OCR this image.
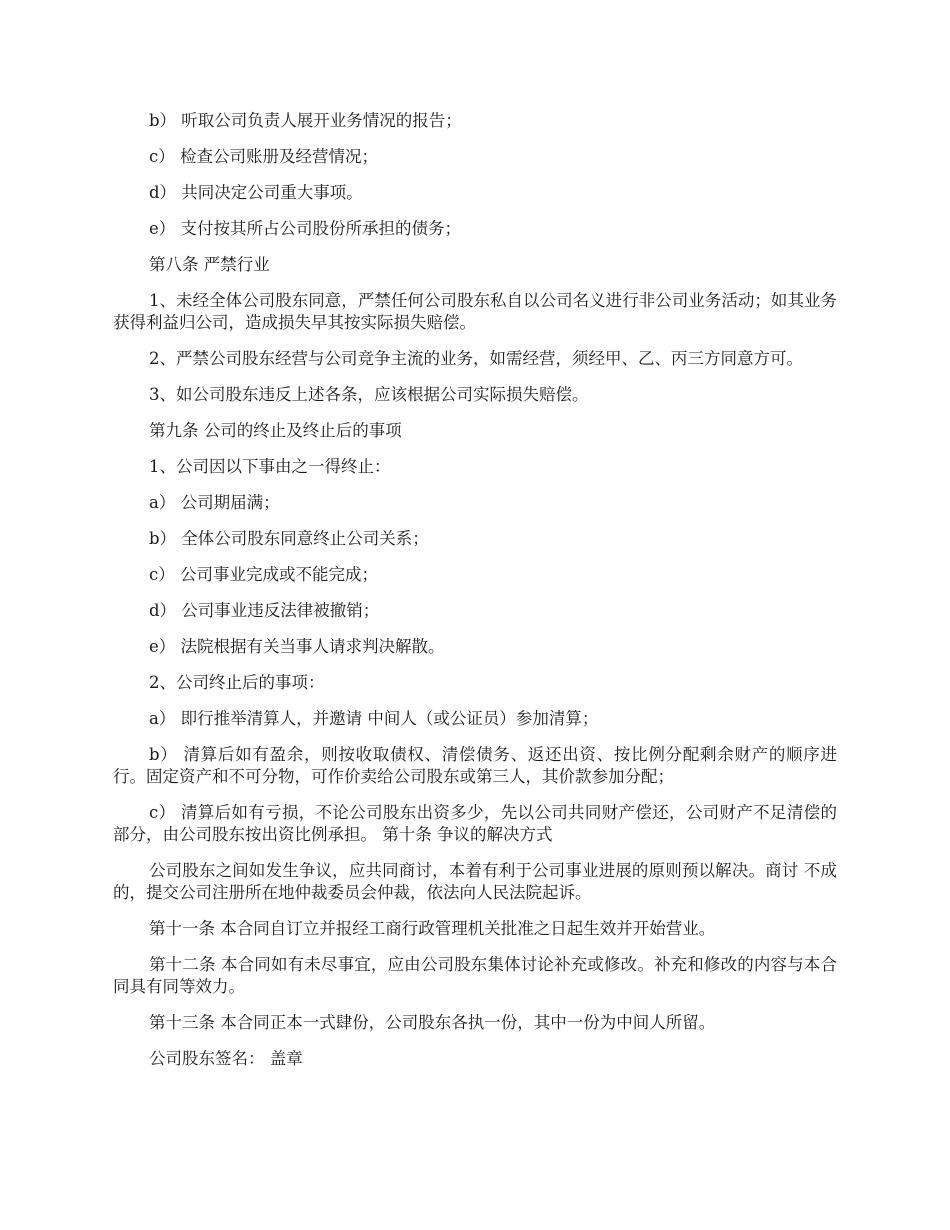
b） 听取公司负责人展开业务情况的报告；

c） 检查公司账册及经营情况；

d） 共同决定公司重大事项。

e） 支付按其所占公司股份所承担的债务；

第八条 严禁行业

1、未经全体公司股东同意，严禁任何公司股东私自以公司名义进行非公司业务活动；如其业务获得利益归公司，造成损失早其按实际损失赔偿。

2、严禁公司股东经营与公司竞争主流的业务，如需经营，须经甲、乙、丙三方同意方可。

3、如公司股东违反上述各条，应该根据公司实际损失赔偿。

第九条 公司的终止及终止后的事项

1、公司因以下事由之一得终止：

a） 公司期届满；

b） 全体公司股东同意终止公司关系；

c） 公司事业完成或不能完成；

d） 公司事业违反法律被撤销；

e） 法院根据有关当事人请求判决解散。

2、公司终止后的事项：

a） 即行推举清算人，并邀请 中间人（或公证员）参加清算；

b） 清算后如有盈余，则按收取债权、清偿债务、返还出资、按比例分配剩余财产的顺序进行。固定资产和不可分物，可作价卖给公司股东或第三人，其价款参加分配；

c） 清算后如有亏损，不论公司股东出资多少，先以公司共同财产偿还，公司财产不足清偿的部分，由公司股东按出资比例承担。 第十条 争议的解决方式

公司股东之间如发生争议，应共同商讨，本着有利于公司事业进展的原则预以解决。商讨 不成的，提交公司注册所在地仲裁委员会仲裁，依法向人民法院起诉。

第十一条 本合同自订立并报经工商行政管理机关批准之日起生效并开始营业。

第十二条 本合同如有未尽事宜，应由公司股东集体讨论补充或修改。补充和修改的内容与本合同具有同等效力。

第十三条 本合同正本一式肆份，公司股东各执一份，其中一份为中间人所留。

公司股东签名： 盖章
